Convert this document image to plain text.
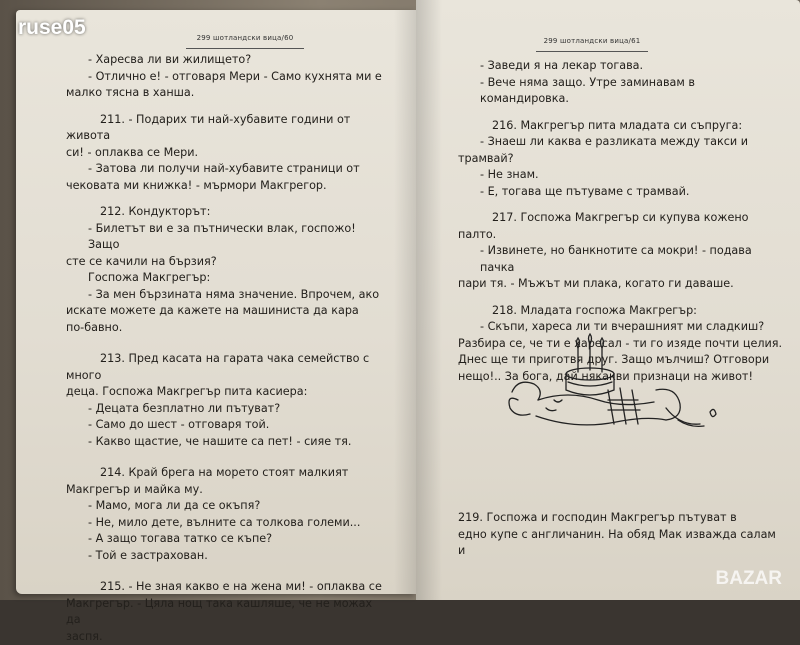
299 шотландски вица/60

- Харесва ли ви жилището?

- Отлично е! - отговаря Мери - Само кухнята ми е

малко тясна в ханша.

211. - Подарих ти най-хубавите години от живота

си! - оплаква се Мери.

- Затова ли получи най-хубавите страници от

чековата ми книжка! - мърмори Макгрегор.

212. Кондукторът:

- Билетът ви е за пътнически влак, госпожо! Защо

сте се качили на бързия?

Госпожа Макгрегър:

- За мен бързината няма значение. Впрочем, ако

искате можете да кажете на машиниста да кара

по-бавно.

213. Пред касата на гарата чака семейство с много

деца. Госпожа Макгрегър пита касиера:

- Децата безплатно ли пътуват?

- Само до шест - отговаря той.

- Какво щастие, че нашите са пет! - сияе тя.

214. Край брега на морето стоят малкият

Макгрегър и майка му.

- Мамо, мога ли да се окъпя?

- Не, мило дете, вълните са толкова големи...

- А защо тогава татко се къпе?

- Той е застрахован.

215. - Не зная какво е на жена ми! - оплаква се

Макгрегър. - Цяла нощ така кашляше, че не можах да

заспя.

299 шотландски вица/61

- Заведи я на лекар тогава.

- Вече няма защо. Утре заминавам в командировка.

216. Макгрегър пита младата си съпруга:

- Знаеш ли каква е разликата между такси и

трамвай?

- Не знам.

- Е, тогава ще пътуваме с трамвай.

217. Госпожа Макгрегър си купува кожено палто.

- Извинете, но банкнотите са мокри! - подава пачка

пари тя. - Мъжът ми плака, когато ги даваше.

218. Младата госпожа Макгрегър:

- Скъпи, хареса ли ти вчерашният ми сладкиш?

Разбира се, че ти е харесал - ти го изяде почти целия.

Днес ще ти приготвя друг. Защо мълчиш? Отговори

нещо!.. За бога, дай някакви признаци на живот!

219. Госпожа и господин Макгрегър пътуват в

едно купе с англичанин. На обяд Мак изважда салам и

ruse05
BAZAR
